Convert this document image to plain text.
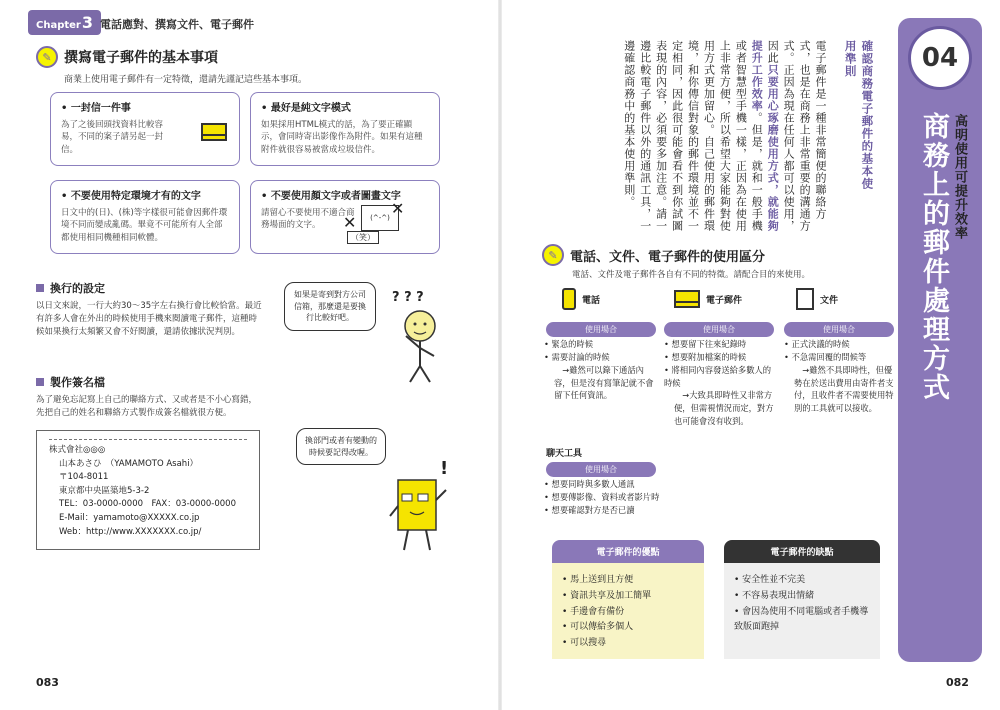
Chapter3 電話應對、撰寫文件、電子郵件
✎ 撰寫電子郵件的基本事項
商業上使用電子郵件有一定特徵，還請先謹記這些基本事項。
• 一封信一件事

為了之後回頭找資料比較容易，不同的案子請另起一封信。

• 最好是純文字模式

如果採用HTML模式的話，為了要正確顯示，會同時寄出影像作為附件。如果有這種附件就很容易被當成垃圾信件。

• 不要使用特定環境才有的文字

日文中的(日)、(株)等字樣很可能會因郵件環境不同而變成亂碼。畢竟不可能所有人全部都使用相同機種相同軟體。

• 不要使用顏文字或者圖畫文字

請留心不要使用不適合商務場面的文字。

(^-^) ✕
✕
（笑）
換行的設定
以日文來說，一行大約30～35字左右換行會比較恰當。最近有許多人會在外出的時候使用手機來閱讀電子郵件，這種時候如果換行太頻繁又會不好閱讀，還請依據狀況判別。
如果是寄到對方公司信箱，那麼還是要換行比較好吧。
? ? ?
製作簽名檔
為了避免忘記寫上自己的聯絡方式、又或者是不小心寫錯，先把自己的姓名和聯絡方式製作成簽名檔就很方便。
株式會社◎◎◎
山本あさひ　（YAMAMOTO Asahi）
〒104-8011
東京都中央區築地5-3-2
TEL：03-0000-0000　FAX：03-0000-0000
E-Mail：yamamoto@XXXXX.co.jp
Web：http://www.XXXXXXX.co.jp/
換部門或者有變動的時候要記得改喔。
!
083
04
商務上的郵件處理方式 高明使用可提升效率
確認商務電子郵件的基本使用準則
電子郵件是一種非常簡便的聯絡方式，也是在商務上非常重要的溝通方式。正因為現在任何人都可以使用，因此只要用心琢磨使用方式，就能夠提升工作效率。但是，就和一般手機或者智慧型手機一樣，正因為在使用上非常方便，所以希望大家能夠對使用方式更加留心。自己使用的郵件環境，和你傳信對象的郵件環境並不一定相同，因此很可能會看不到你試圖表現的內容，必須要多加注意。請一邊比較電子郵件以外的通訊工具，一邊確認商務中的基本使用準則。
✎ 電話、文件、電子郵件的使用區分
電話、文件及電子郵件各自有不同的特徵。請配合目的來使用。
電話	電子郵件	文件
使用場合	使用場合	使用場合
• 緊急的時候
• 需要討論的時候
　→雖然可以錄下通話內容，但是沒有寫筆記就不會留下任何資訊。
• 想要留下往來紀錄時
• 想要附加檔案的時候
• 將相同內容發送給多數人的時候
　→大致具即時性又非常方便，但需視情況而定，對方也可能會沒有收到。
• 正式決議的時候
• 不急需回覆的問候等
　→雖然不具即時性，但優勢在於送出費用由寄件者支付，且收件者不需要使用特別的工具就可以接收。
聊天工具
使用場合
• 想要同時與多數人通訊
• 想要傳影像、資料或者影片時
• 想要確認對方是否已讀
電子郵件的優點
• 馬上送到且方便
• 資訊共享及加工簡單
• 手邊會有備份
• 可以傳給多個人
• 可以搜尋
電子郵件的缺點
• 安全性並不完美
• 不容易表現出情緒
• 會因為使用不同電腦或者手機導致版面跑掉
082
